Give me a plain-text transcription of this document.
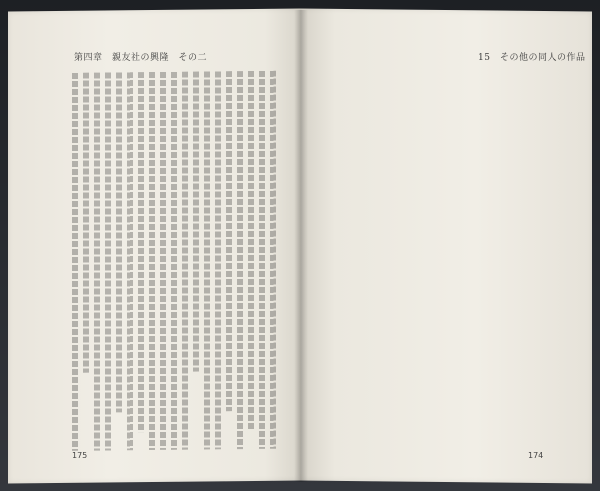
第四章　親友社の興隆　その二	15　その他の同人の作品
175	174
